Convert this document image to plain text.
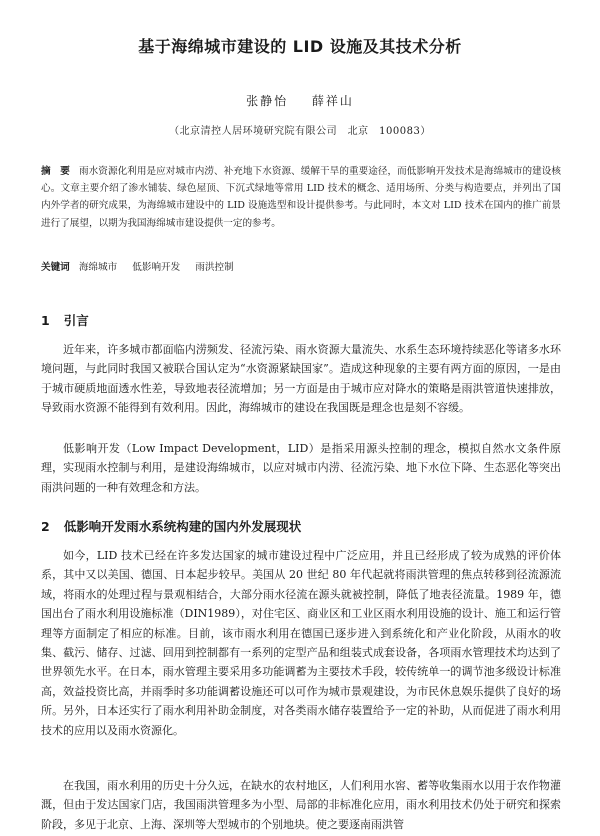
基于海绵城市建设的 LID 设施及其技术分析
张静怡 薛祥山
（北京清控人居环境研究院有限公司　北京　100083）
摘　要 雨水资源化利用是应对城市内涝、补充地下水资源、缓解干旱的重要途径，而低影响开发技术是海绵城市的建设核心。文章主要介绍了渗水铺装、绿色屋顶、下沉式绿地等常用 LID 技术的概念、适用场所、分类与构造要点，并列出了国内外学者的研究成果，为海绵城市建设中的 LID 设施选型和设计提供参考。与此同时，本文对 LID 技术在国内的推广前景进行了展望，以期为我国海绵城市建设提供一定的参考。
关键词 海绵城市 低影响开发 雨洪控制
1 引言
近年来，许多城市都面临内涝频发、径流污染、雨水资源大量流失、水系生态环境持续恶化等诸多水环境问题，与此同时我国又被联合国认定为“水资源紧缺国家”。造成这种现象的主要有两方面的原因，一是由于城市硬质地面透水性差，导致地表径流增加；另一方面是由于城市应对降水的策略是雨洪管道快速排放，导致雨水资源不能得到有效利用。因此，海绵城市的建设在我国既是理念也是刻不容缓。
低影响开发（Low Impact Development，LID）是指采用源头控制的理念，模拟自然水文条件原理，实现雨水控制与利用，是建设海绵城市，以应对城市内涝、径流污染、地下水位下降、生态恶化等突出雨洪问题的一种有效理念和方法。
2 低影响开发雨水系统构建的国内外发展现状
如今，LID 技术已经在许多发达国家的城市建设过程中广泛应用，并且已经形成了较为成熟的评价体系，其中又以美国、德国、日本起步较早。美国从 20 世纪 80 年代起就将雨洪管理的焦点转移到径流源流域，将雨水的处理过程与景观相结合，大部分雨水径流在源头就被控制，降低了地表径流量。1989 年，德国出台了雨水利用设施标准（DIN1989），对住宅区、商业区和工业区雨水利用设施的设计、施工和运行管理等方面制定了相应的标准。目前，该市雨水利用在德国已逐步进入到系统化和产业化阶段，从雨水的收集、截污、储存、过滤、回用到控制都有一系列的定型产品和组装式成套设备，各项雨水管理技术均达到了世界领先水平。在日本，雨水管理主要采用多功能调蓄为主要技术手段，较传统单一的调节池多级设计标准高，效益投资比高，并雨季时多功能调蓄设施还可以可作为城市景观建设，为市民休息娱乐提供了良好的场所。另外，日本还实行了雨水利用补助金制度，对各类雨水储存装置给予一定的补助，从而促进了雨水利用技术的应用以及雨水资源化。
在我国，雨水利用的历史十分久远，在缺水的农村地区，人们利用水窖、蓄等收集雨水以用于农作物灌溉，但由于发达国家门店，我国雨洪管理多为小型、局部的非标准化应用，雨水利用技术仍处于研究和探索阶段，多见于北京、上海、深圳等大型城市的个别地块。使之要逐南雨洪管
